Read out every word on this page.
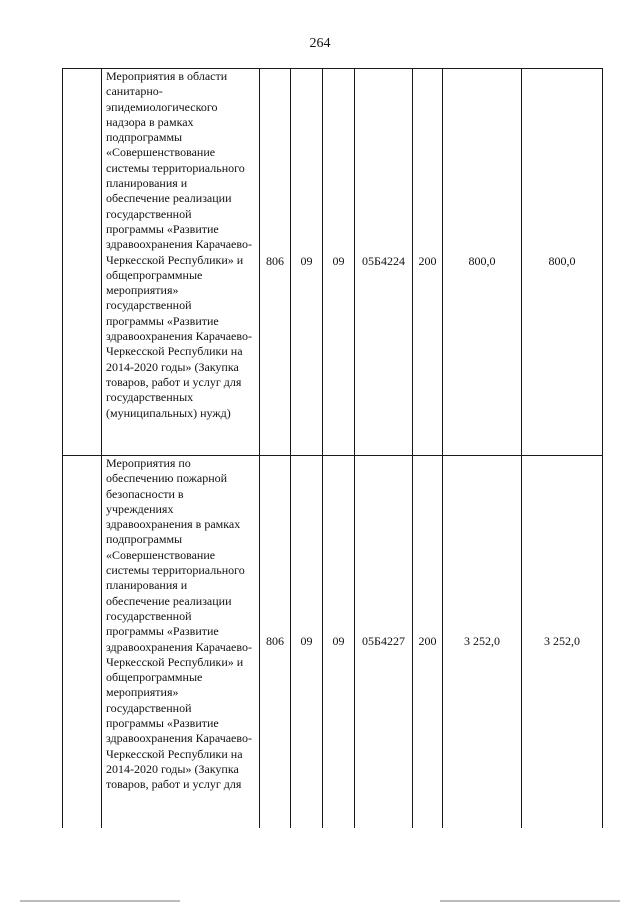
264

	Мероприятия в области санитарно-эпидемиологического надзора в рамках подпрограммы «Совершенствование системы территориального планирования и обеспечение реализации государственной программы «Развитие здравоохранения Карачаево-Черкесской Республики» и общепрограммные мероприятия» государственной программы «Развитие здравоохранения Карачаево-Черкесской Республики на 2014-2020 годы» (Закупка товаров, работ и услуг для государственных (муниципальных) нужд)	806	09	09	05Б4224	200	800,0	800,0

	Мероприятия по обеспечению пожарной безопасности в учреждениях здравоохранения в рамках подпрограммы «Совершенствование системы территориального планирования и обеспечение реализации государственной программы «Развитие здравоохранения Карачаево-Черкесской Республики» и общепрограммные мероприятия» государственной программы «Развитие здравоохранения Карачаево-Черкесской Республики на 2014-2020 годы» (Закупка товаров, работ и услуг для	806	09	09	05Б4227	200	3 252,0	3 252,0
